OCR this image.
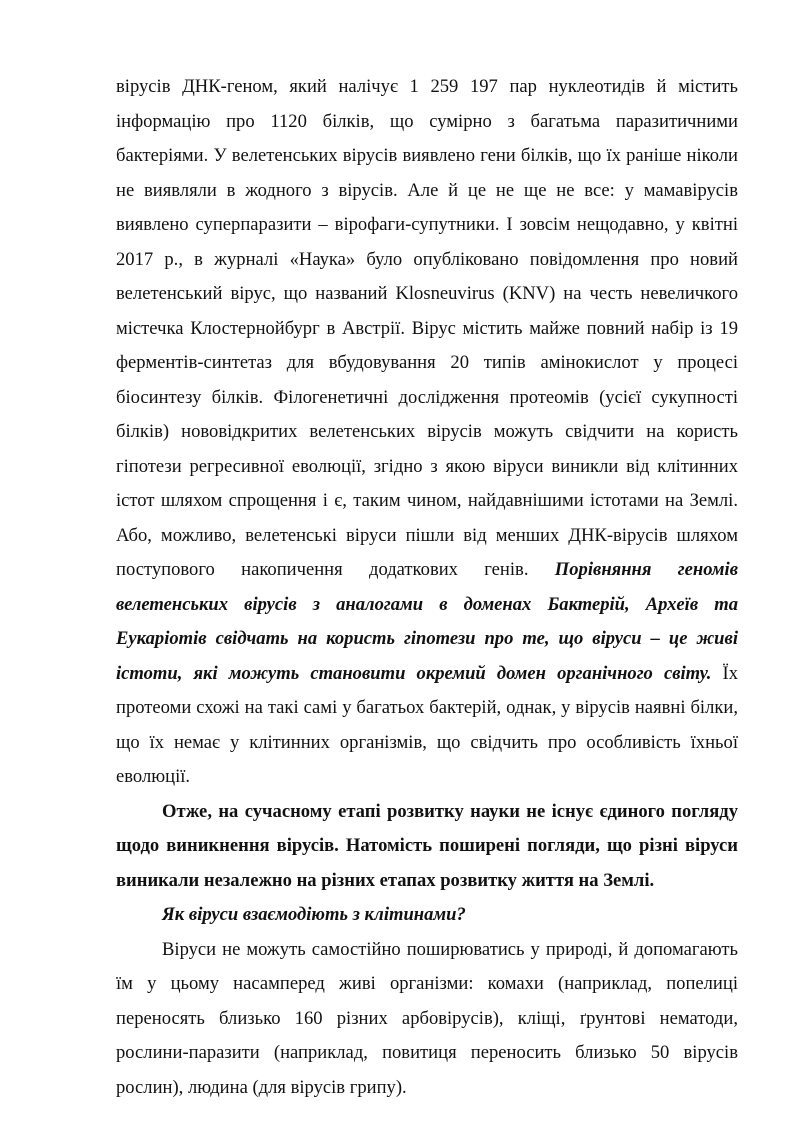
вірусів ДНК-геном, який налічує 1 259 197 пар нуклеотидів й містить інформацію про 1120 білків, що сумірно з багатьма паразитичними бактеріями. У велетенських вірусів виявлено гени білків, що їх раніше ніколи не виявляли в жодного з вірусів. Але й це не ще не все: у мамавірусів виявлено суперпаразити – вірофаги-супутники. І зовсім нещодавно, у квітні 2017 р., в журналі «Наука» було опубліковано повідомлення про новий велетенський вірус, що названий Klosneuvirus (KNV) на честь невеличкого містечка Клостернойбург в Австрії. Вірус містить майже повний набір із 19 ферментів-синтетаз для вбудовування 20 типів амінокислот у процесі біосинтезу білків. Філогенетичні дослідження протеомів (усієї сукупності білків) нововідкритих велетенських вірусів можуть свідчити на користь гіпотези регресивної еволюції, згідно з якою віруси виникли від клітинних істот шляхом спрощення і є, таким чином, найдавнішими істотами на Землі. Або, можливо, велетенські віруси пішли від менших ДНК-вірусів шляхом поступового накопичення додаткових генів. Порівняння геномів велетенських вірусів з аналогами в доменах Бактерій, Археїв та Еукаріотів свідчать на користь гіпотези про те, що віруси – це живі істоти, які можуть становити окремий домен органічного світу. Їх протеоми схожі на такі самі у багатьох бактерій, однак, у вірусів наявні білки, що їх немає у клітинних організмів, що свідчить про особливість їхньої еволюції.

Отже, на сучасному етапі розвитку науки не існує єдиного погляду щодо виникнення вірусів. Натомість поширені погляди, що різні віруси виникали незалежно на різних етапах розвитку життя на Землі.

Як віруси взаємодіють з клітинами?

Віруси не можуть самостійно поширюватись у природі, й допомагають їм у цьому насамперед живі організми: комахи (наприклад, попелиці переносять близько 160 різних арбовірусів), кліщі, ґрунтові нематоди, рослини-паразити (наприклад, повитиця переносить близько 50 вірусів рослин), людина (для вірусів грипу).
